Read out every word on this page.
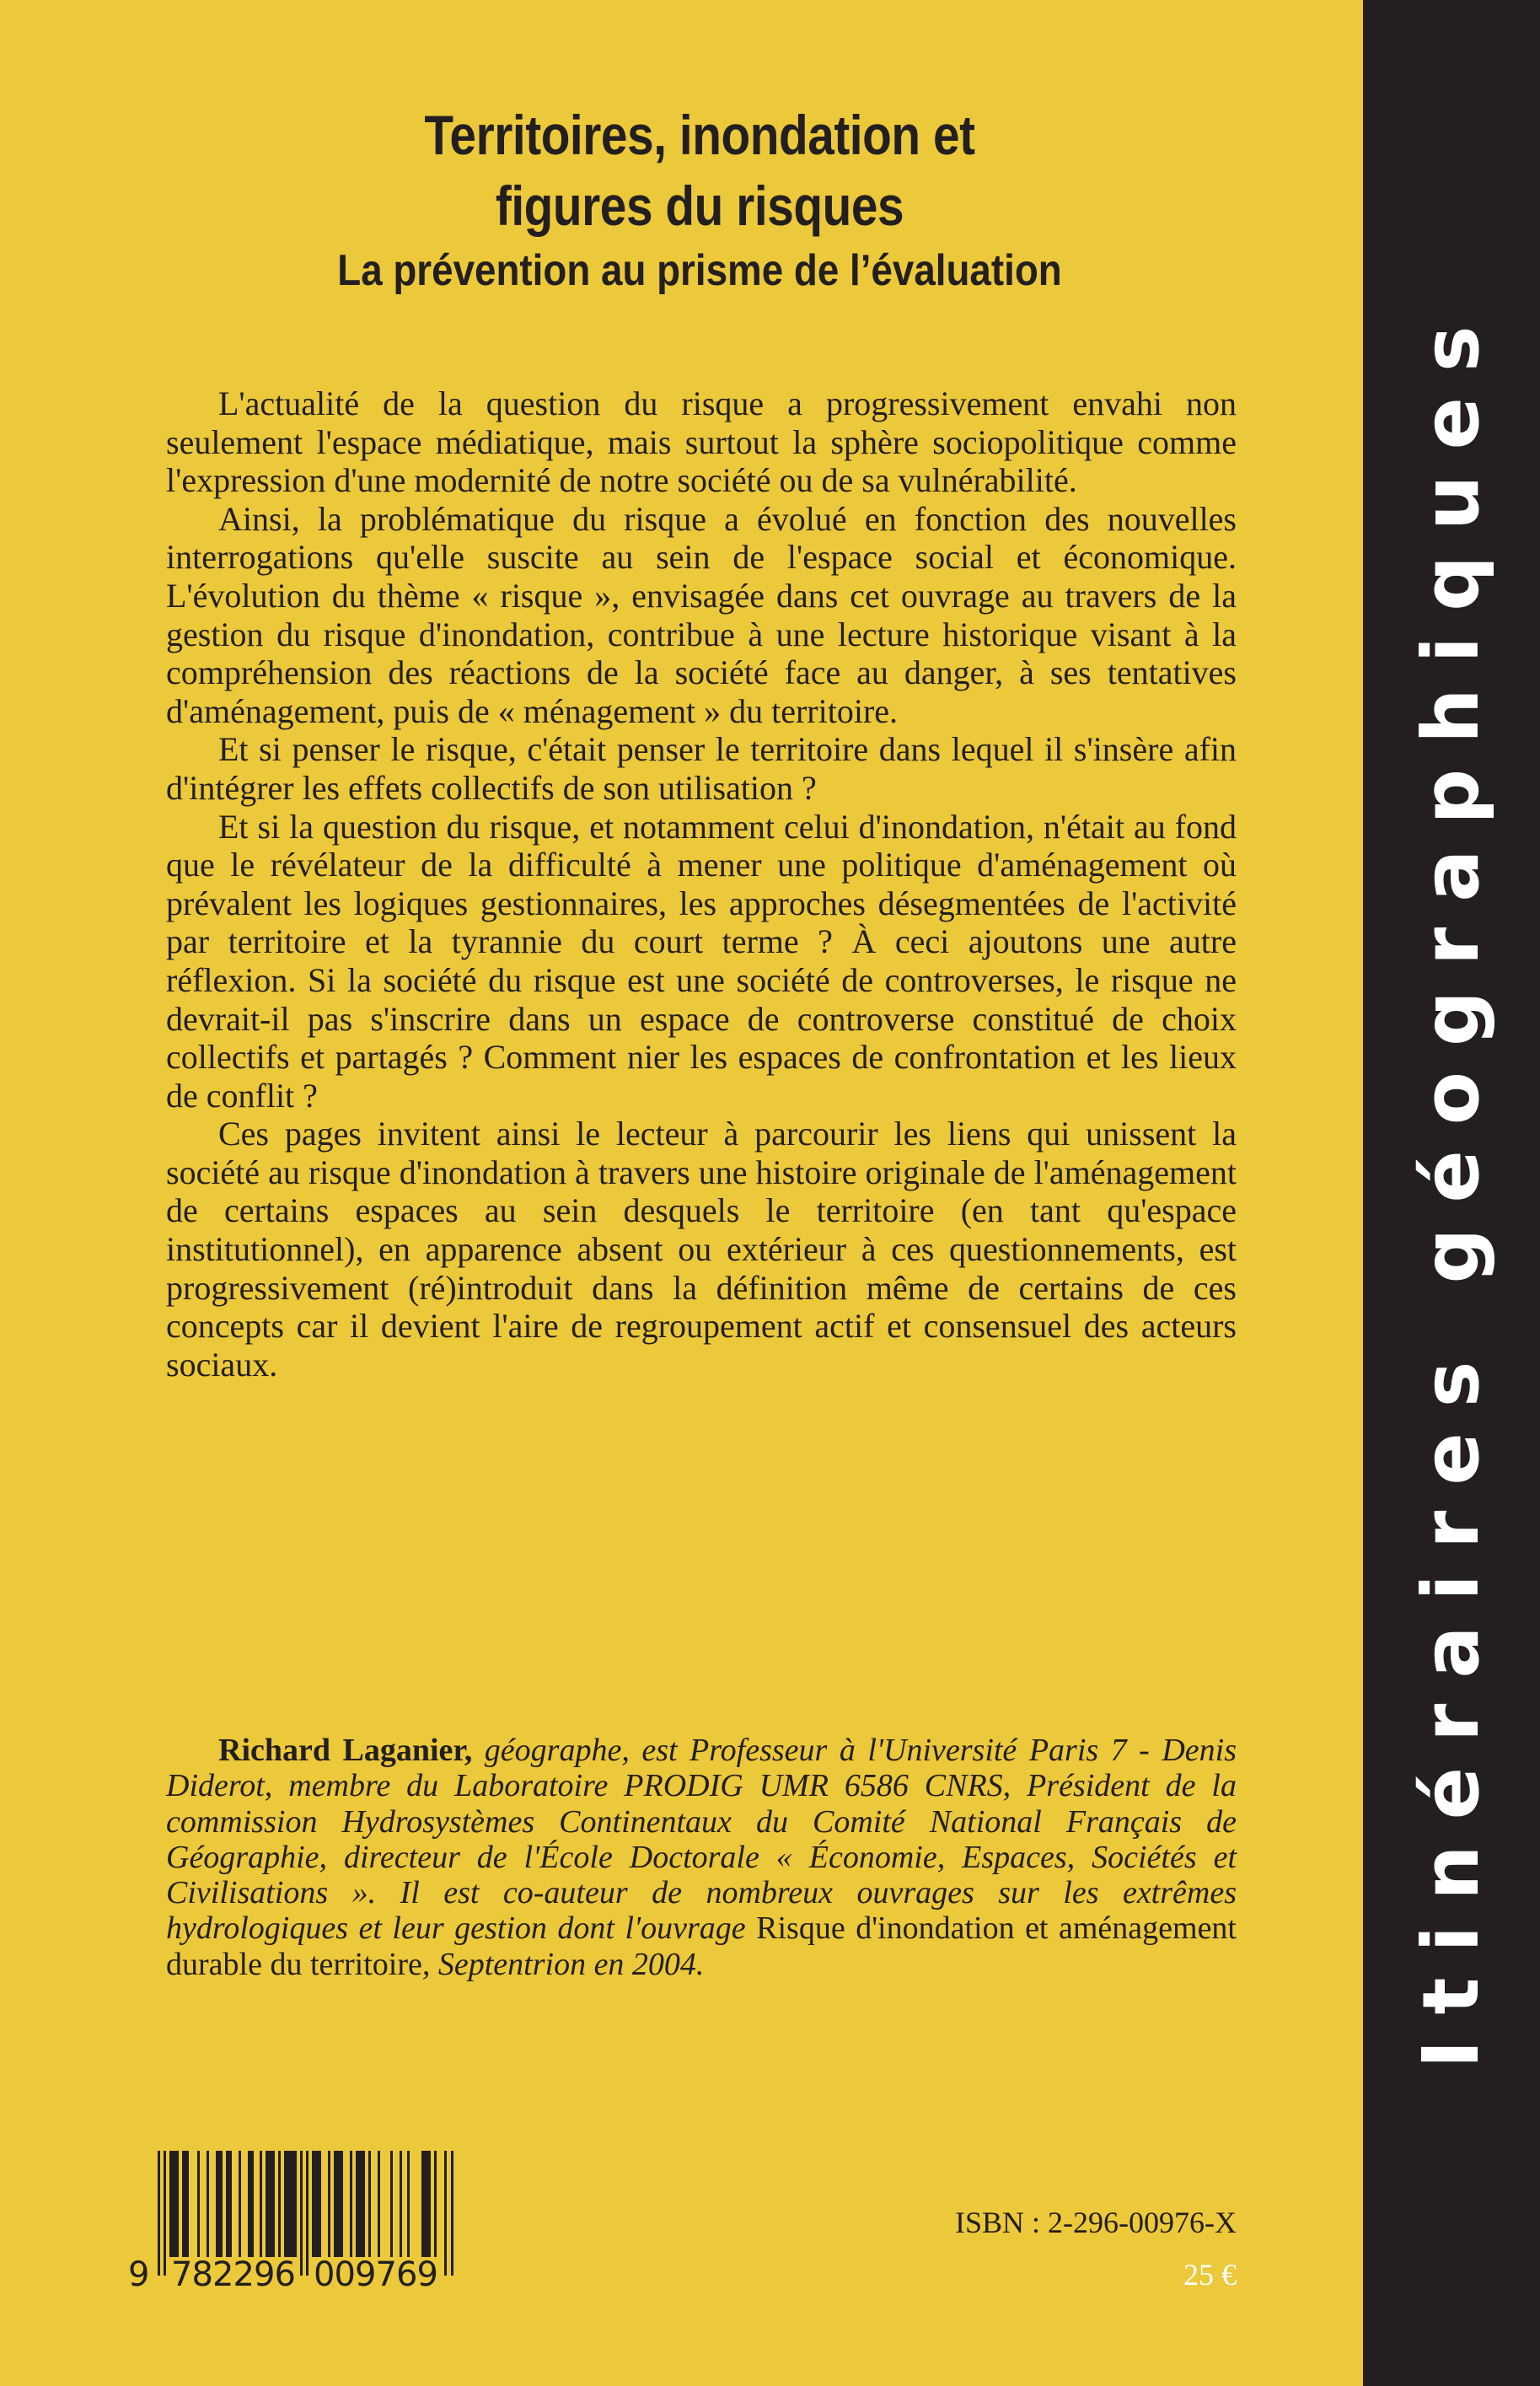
Territoires, inondation et
figures du risques
La prévention au prisme de l’évaluation

L'actualité de la question du risque a progressivement envahi non seulement l'espace médiatique, mais surtout la sphère sociopolitique comme l'expression d'une modernité de notre société ou de sa vulnérabilité.

Ainsi, la problématique du risque a évolué en fonction des nouvelles interrogations qu'elle suscite au sein de l'espace social et économique. L'évolution du thème « risque », envisagée dans cet ouvrage au travers de la gestion du risque d'inondation, contribue à une lecture historique visant à la compréhension des réactions de la société face au danger, à ses tentatives d'aménagement, puis de « ménagement » du territoire.

Et si penser le risque, c'était penser le territoire dans lequel il s'insère afin d'intégrer les effets collectifs de son utilisation ?

Et si la question du risque, et notamment celui d'inondation, n'était au fond que le révélateur de la difficulté à mener une politique d'aménagement où prévalent les logiques gestionnaires, les approches désegmentées de l'activité par territoire et la tyrannie du court terme ? À ceci ajoutons une autre réflexion. Si la société du risque est une société de controverses, le risque ne devrait-il pas s'inscrire dans un espace de controverse constitué de choix collectifs et partagés ? Comment nier les espaces de confrontation et les lieux de conflit ?

Ces pages invitent ainsi le lecteur à parcourir les liens qui unissent la société au risque d'inondation à travers une histoire originale de l'aménagement de certains espaces au sein desquels le territoire (en tant qu'espace institutionnel), en apparence absent ou extérieur à ces questionnements, est progressivement (ré)introduit dans la définition même de certains de ces concepts car il devient l'aire de regroupement actif et consensuel des acteurs sociaux.

Richard Laganier, géographe, est Professeur à l'Université Paris 7 - Denis Diderot, membre du Laboratoire PRODIG UMR 6586 CNRS, Président de la commission Hydrosystèmes Continentaux du Comité National Français de Géographie, directeur de l'École Doctorale « Économie, Espaces, Sociétés et Civilisations ». Il est co-auteur de nombreux ouvrages sur les extrêmes hydrologiques et leur gestion dont l'ouvrage Risque d'inondation et aménagement durable du territoire, Septentrion en 2004.

9 782296 009769
ISBN : 2-296-00976-X
25 €
Itinéraires géographiques
